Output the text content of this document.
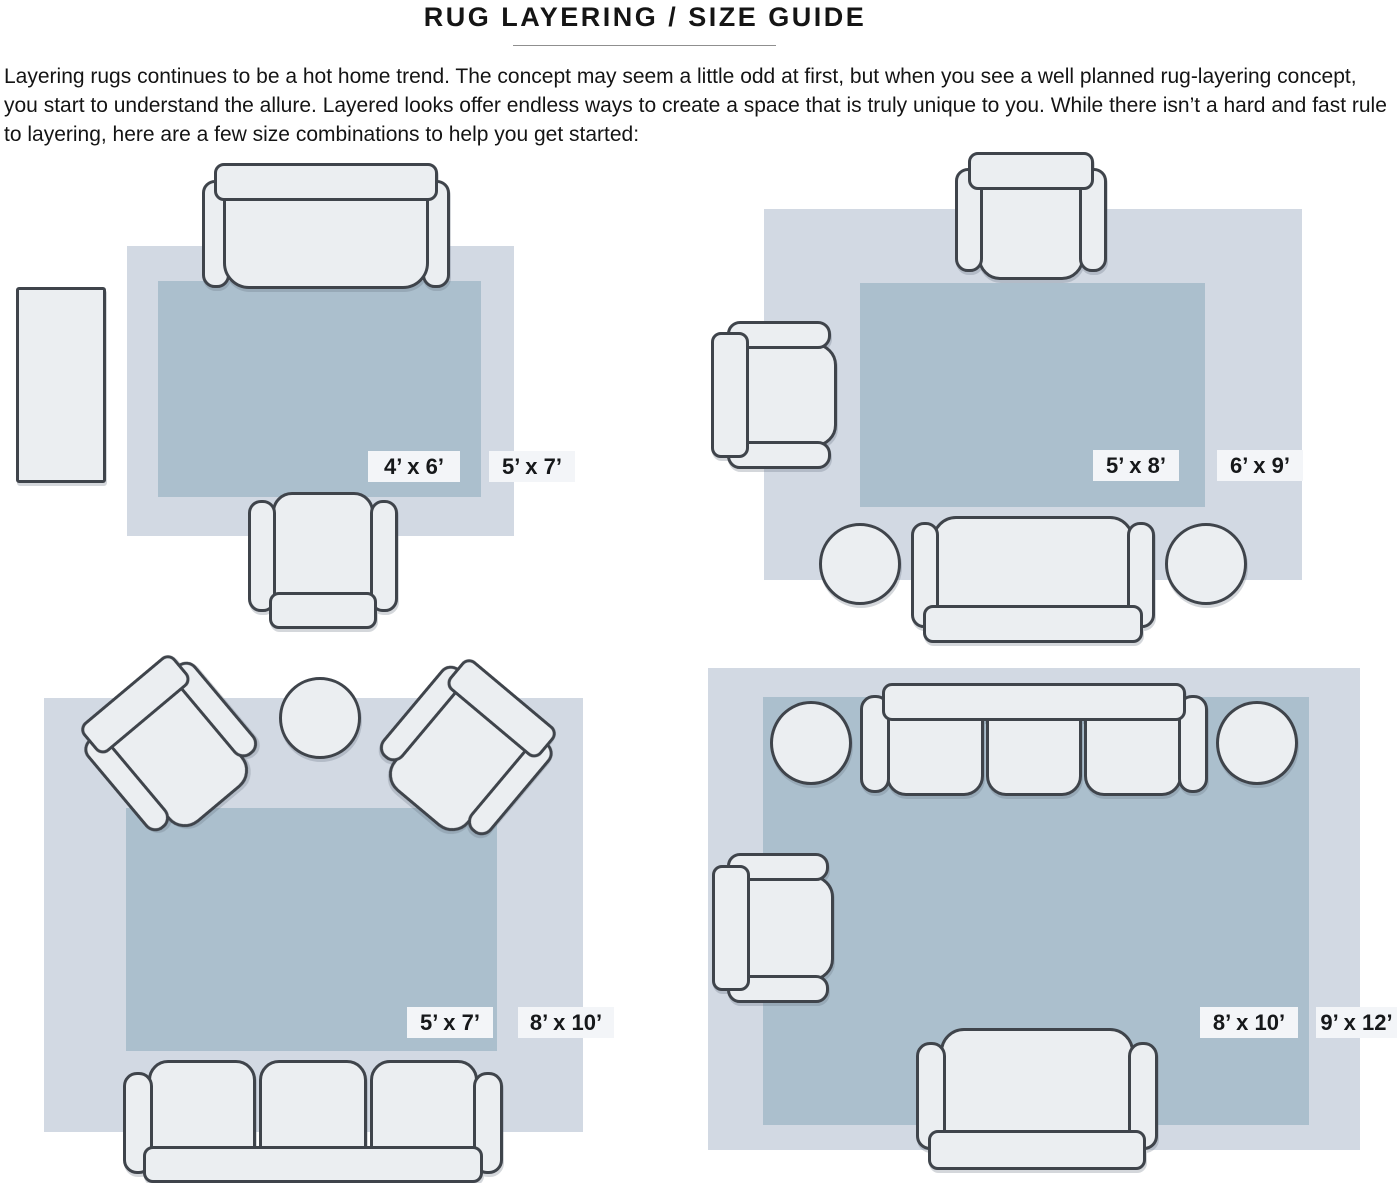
RUG LAYERING / SIZE GUIDE

Layering rugs continues to be a hot home trend. The concept may seem a little odd at first, but when you see a well planned rug-layering concept, you start to understand the allure. Layered looks offer endless ways to create a space that is truly unique to you. While there isn’t a hard and fast rule to layering, here are a few size combinations to help you get started:

4’ x 6’	5’ x 7’	5’ x 8’	6’ x 9’
5’ x 7’	8’ x 10’	8’ x 10’	9’ x 12’
